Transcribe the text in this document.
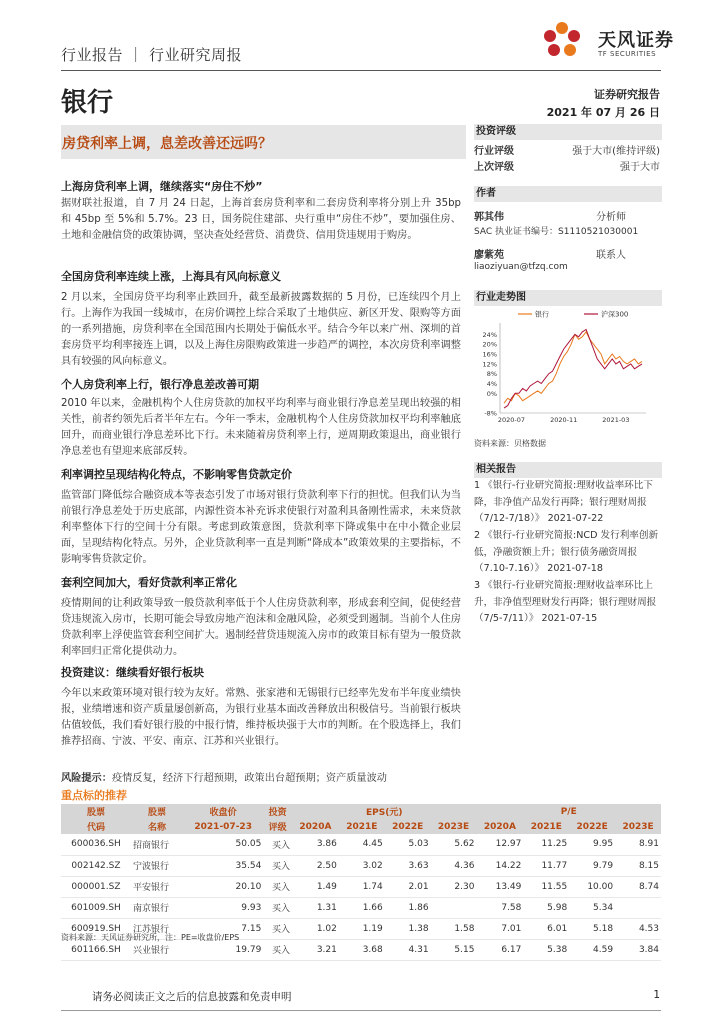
行业报告 ｜ 行业研究周报
天风证券
TF SECURITIES
银行	证券研究报告
2021 年 07 月 26 日
房贷利率上调，息差改善还远吗？
上海房贷利率上调，继续落实“房住不炒”
据财联社报道，自 7 月 24 日起，上海首套房贷利率和二套房贷利率将分别上升 35bp 和 45bp 至 5%和 5.7%。23 日，国务院住建部、央行重申“房住不炒”，要加强住房、土地和金融信贷的政策协调，坚决查处经营贷、消费贷、信用贷违规用于购房。
全国房贷利率连续上涨，上海具有风向标意义
2 月以来，全国房贷平均利率止跌回升，截至最新披露数据的 5 月份，已连续四个月上行。上海作为我国一线城市，在房价调控上综合采取了土地供应、新区开发、限购等方面的一系列措施，房贷利率在全国范围内长期处于偏低水平。结合今年以来广州、深圳的首套房贷平均利率接连上调，以及上海住房限购政策进一步趋严的调控，本次房贷利率调整具有较强的风向标意义。
个人房贷利率上行，银行净息差改善可期
2010 年以来，金融机构个人住房贷款的加权平均利率与商业银行净息差呈现出较强的相关性，前者约领先后者半年左右。今年一季末，金融机构个人住房贷款加权平均利率触底回升，而商业银行净息差环比下行。未来随着房贷利率上行，逆周期政策退出，商业银行净息差也有望迎来底部反转。
利率调控呈现结构化特点，不影响零售贷款定价
监管部门降低综合融资成本等表态引发了市场对银行贷款利率下行的担忧。但我们认为当前银行净息差处于历史底部，内源性资本补充诉求使银行对盈利具备刚性需求，未来贷款利率整体下行的空间十分有限。考虑到政策意图，贷款利率下降或集中在中小微企业层面，呈现结构化特点。另外，企业贷款利率一直是判断“降成本”政策效果的主要指标，不影响零售贷款定价。
套利空间加大，看好贷款利率正常化
疫情期间的让利政策导致一般贷款利率低于个人住房贷款利率，形成套利空间，促使经营贷违规流入房市，长期可能会导致房地产泡沫和金融风险，必须受到遏制。当前个人住房贷款利率上浮使监管套利空间扩大。遏制经营贷违规流入房市的政策目标有望为一般贷款利率回归正常化提供动力。
投资建议：继续看好银行板块
今年以来政策环境对银行较为友好。常熟、张家港和无锡银行已经率先发布半年度业绩快报，业绩增速和资产质量屡创新高，为银行业基本面改善释放出积极信号。当前银行板块估值较低，我们看好银行股的中报行情，维持板块强于大市的判断。在个股选择上，我们推荐招商、宁波、平安、南京、江苏和兴业银行。
风险提示：疫情反复，经济下行超预期，政策出台超预期；资产质量波动
投资评级
行业评级	强于大市(维持评级)
上次评级	强于大市
作者
郭其伟	分析师
SAC 执业证书编号：S1110521030001
廖紫苑	联系人
liaoziyuan@tfzq.com
行业走势图
-8%
0%
4%
8%
12%
16%
20%
24%
2020-07	2020-11	2021-03
银行	沪深300
资料来源：贝格数据
相关报告
1 《银行-行业研究简报:理财收益率环比下降，非净值产品发行再降；银行理财周报（7/12-7/18）》 2021-07-22
2 《银行-行业研究简报:NCD 发行利率创新低，净融资额上升；银行债务融资周报（7.10-7.16）》 2021-07-18
3 《银行-行业研究简报:理财收益率环比上升，非净值型理财发行再降；银行理财周报（7/5-7/11）》 2021-07-15
重点标的推荐
股票	股票	收盘价	投资	EPS(元)				P/E			
代码	名称	2021-07-23	评级	2020A	2021E	2022E	2023E	2020A	2021E	2022E	2023E
600036.SH	招商银行	50.05	买入	3.86	4.45	5.03	5.62	12.97	11.25	9.95	8.91
002142.SZ	宁波银行	35.54	买入	2.50	3.02	3.63	4.36	14.22	11.77	9.79	8.15
000001.SZ	平安银行	20.10	买入	1.49	1.74	2.01	2.30	13.49	11.55	10.00	8.74
601009.SH	南京银行	9.93	买入	1.31	1.66	1.86		7.58	5.98	5.34	
600919.SH	江苏银行	7.15	买入	1.02	1.19	1.38	1.58	7.01	6.01	5.18	4.53
601166.SH	兴业银行	19.79	买入	3.21	3.68	4.31	5.15	6.17	5.38	4.59	3.84
资料来源：天风证券研究所，注：PE=收盘价/EPS
请务必阅读正文之后的信息披露和免责申明	1
